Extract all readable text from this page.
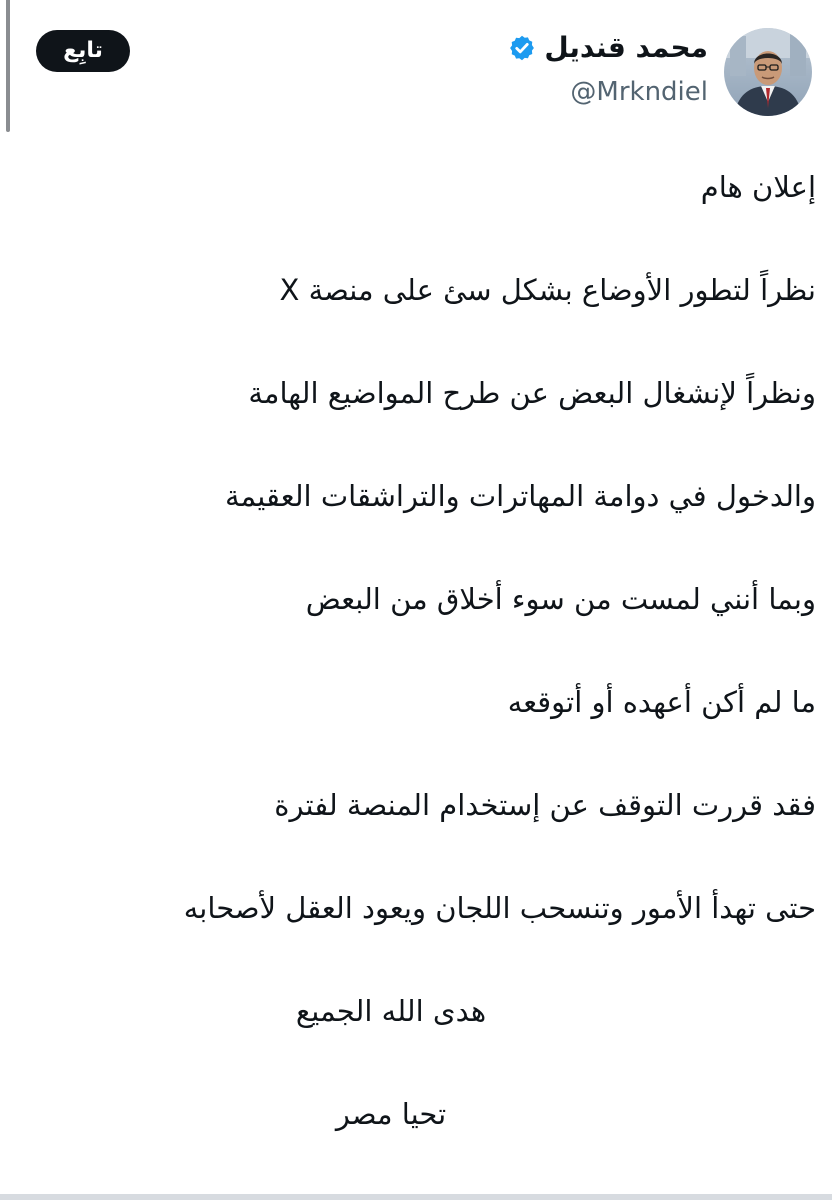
تابِع	محمد قنديل
@Mrkndiel
إعلان هام
نظراً لتطور الأوضاع بشكل سئ على منصة X
ونظراً لإنشغال البعض عن طرح المواضيع الهامة
والدخول في دوامة المهاترات والتراشقات العقيمة
وبما أنني لمست من سوء أخلاق من البعض
ما لم أكن أعهده أو أتوقعه
فقد قررت التوقف عن إستخدام المنصة لفترة
حتى تهدأ الأمور وتنسحب اللجان ويعود العقل لأصحابه
هدى الله الجميع
تحيا مصر
